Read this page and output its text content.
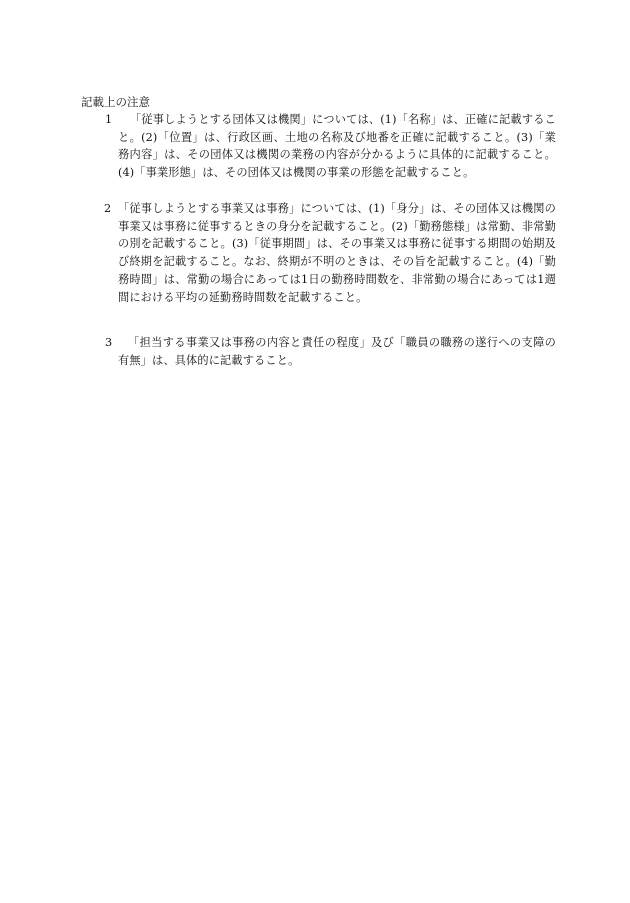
記載上の注意
1 「従事しようとする団体又は機関」については、(1)「名称」は、正確に記載すること。(2)「位置」は、行政区画、土地の名称及び地番を正確に記載すること。(3)「業務内容」は、その団体又は機関の業務の内容が分かるように具体的に記載すること。(4)「事業形態」は、その団体又は機関の事業の形態を記載すること。
2 「従事しようとする事業又は事務」については、(1)「身分」は、その団体又は機関の事業又は事務に従事するときの身分を記載すること。(2)「勤務態様」は常勤、非常勤の別を記載すること。(3)「従事期間」は、その事業又は事務に従事する期間の始期及び終期を記載すること。なお、終期が不明のときは、その旨を記載すること。(4)「勤務時間」は、常勤の場合にあっては1日の勤務時間数を、非常勤の場合にあっては1週間における平均の延勤務時間数を記載すること。
3 「担当する事業又は事務の内容と責任の程度」及び「職員の職務の遂行への支障の有無」は、具体的に記載すること。
